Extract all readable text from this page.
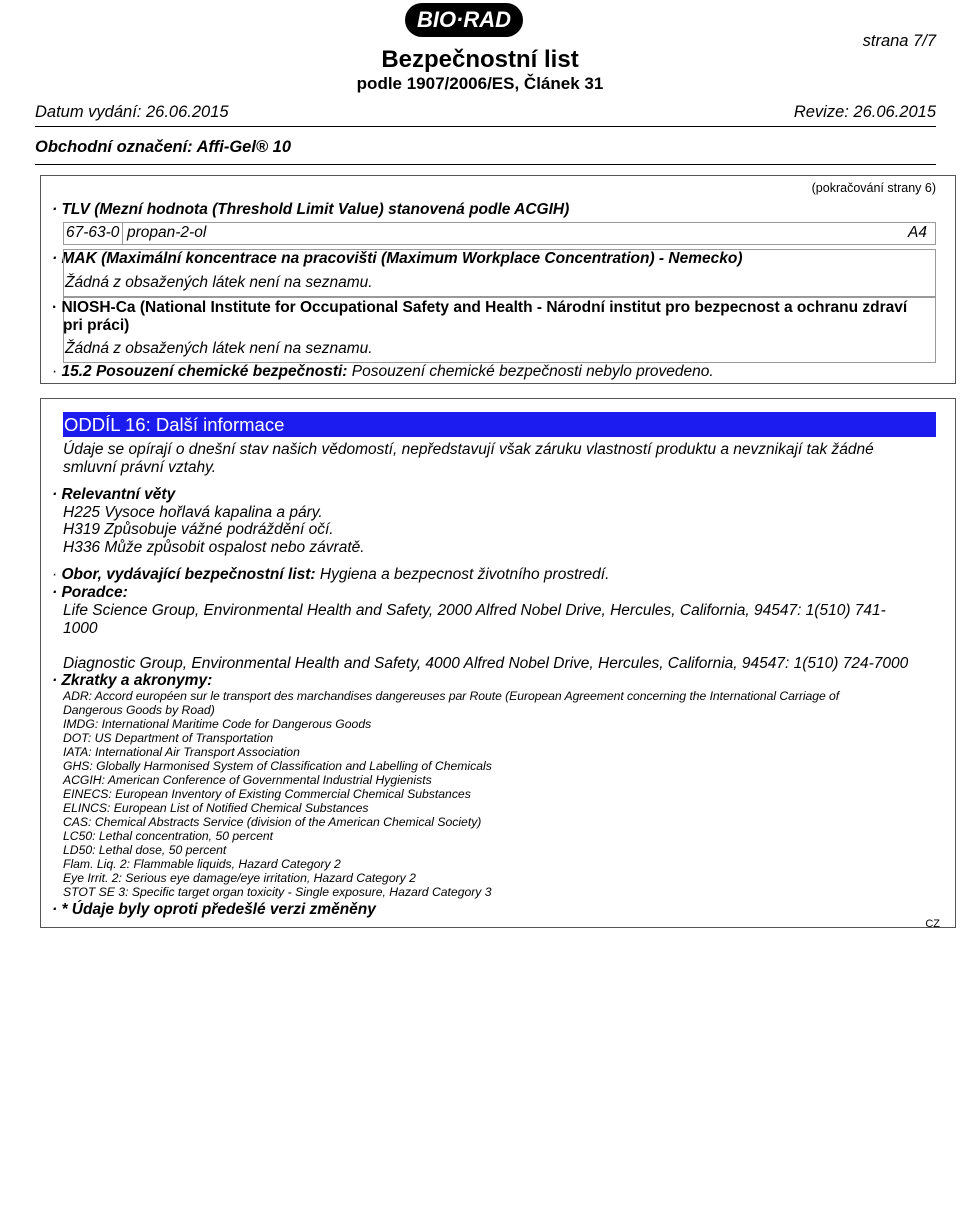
BIO·RAD
strana 7/7
Bezpečnostní list
podle 1907/2006/ES, Článek 31
Datum vydání: 26.06.2015	Revize: 26.06.2015
Obchodní označení: Affi-Gel® 10
(pokračování strany 6)
· TLV (Mezní hodnota (Threshold Limit Value) stanovená podle ACGIH)
67-63-0 propan-2-ol	A4
· MAK (Maximální koncentrace na pracovišti (Maximum Workplace Concentration) - Nemecko)
Žádná z obsažených látek není na seznamu.
· NIOSH-Ca (National Institute for Occupational Safety and Health - Národní institut pro bezpecnost a ochranu zdraví
pri práci)
Žádná z obsažených látek není na seznamu.
· 15.2 Posouzení chemické bezpečnosti: Posouzení chemické bezpečnosti nebylo provedeno.
ODDÍL 16: Další informace
Údaje se opírají o dnešní stav našich vědomostí, nepředstavují však záruku vlastností produktu a nevznikají tak žádné
smluvní právní vztahy.
· Relevantní věty
H225 Vysoce hořlavá kapalina a páry.
H319 Způsobuje vážné podráždění očí.
H336 Může způsobit ospalost nebo závratě.
· Obor, vydávající bezpečnostní list: Hygiena a bezpecnost životního prostredí.
· Poradce:
Life Science Group, Environmental Health and Safety, 2000 Alfred Nobel Drive, Hercules, California, 94547: 1(510) 741-
1000
Diagnostic Group, Environmental Health and Safety, 4000 Alfred Nobel Drive, Hercules, California, 94547: 1(510) 724-7000
· Zkratky a akronymy:
ADR: Accord européen sur le transport des marchandises dangereuses par Route (European Agreement concerning the International Carriage of
Dangerous Goods by Road)
IMDG: International Maritime Code for Dangerous Goods
DOT: US Department of Transportation
IATA: International Air Transport Association
GHS: Globally Harmonised System of Classification and Labelling of Chemicals
ACGIH: American Conference of Governmental Industrial Hygienists
EINECS: European Inventory of Existing Commercial Chemical Substances
ELINCS: European List of Notified Chemical Substances
CAS: Chemical Abstracts Service (division of the American Chemical Society)
LC50: Lethal concentration, 50 percent
LD50: Lethal dose, 50 percent
Flam. Liq. 2: Flammable liquids, Hazard Category 2
Eye Irrit. 2: Serious eye damage/eye irritation, Hazard Category 2
STOT SE 3: Specific target organ toxicity - Single exposure, Hazard Category 3
· * Údaje byly oproti předešlé verzi změněny
CZ
